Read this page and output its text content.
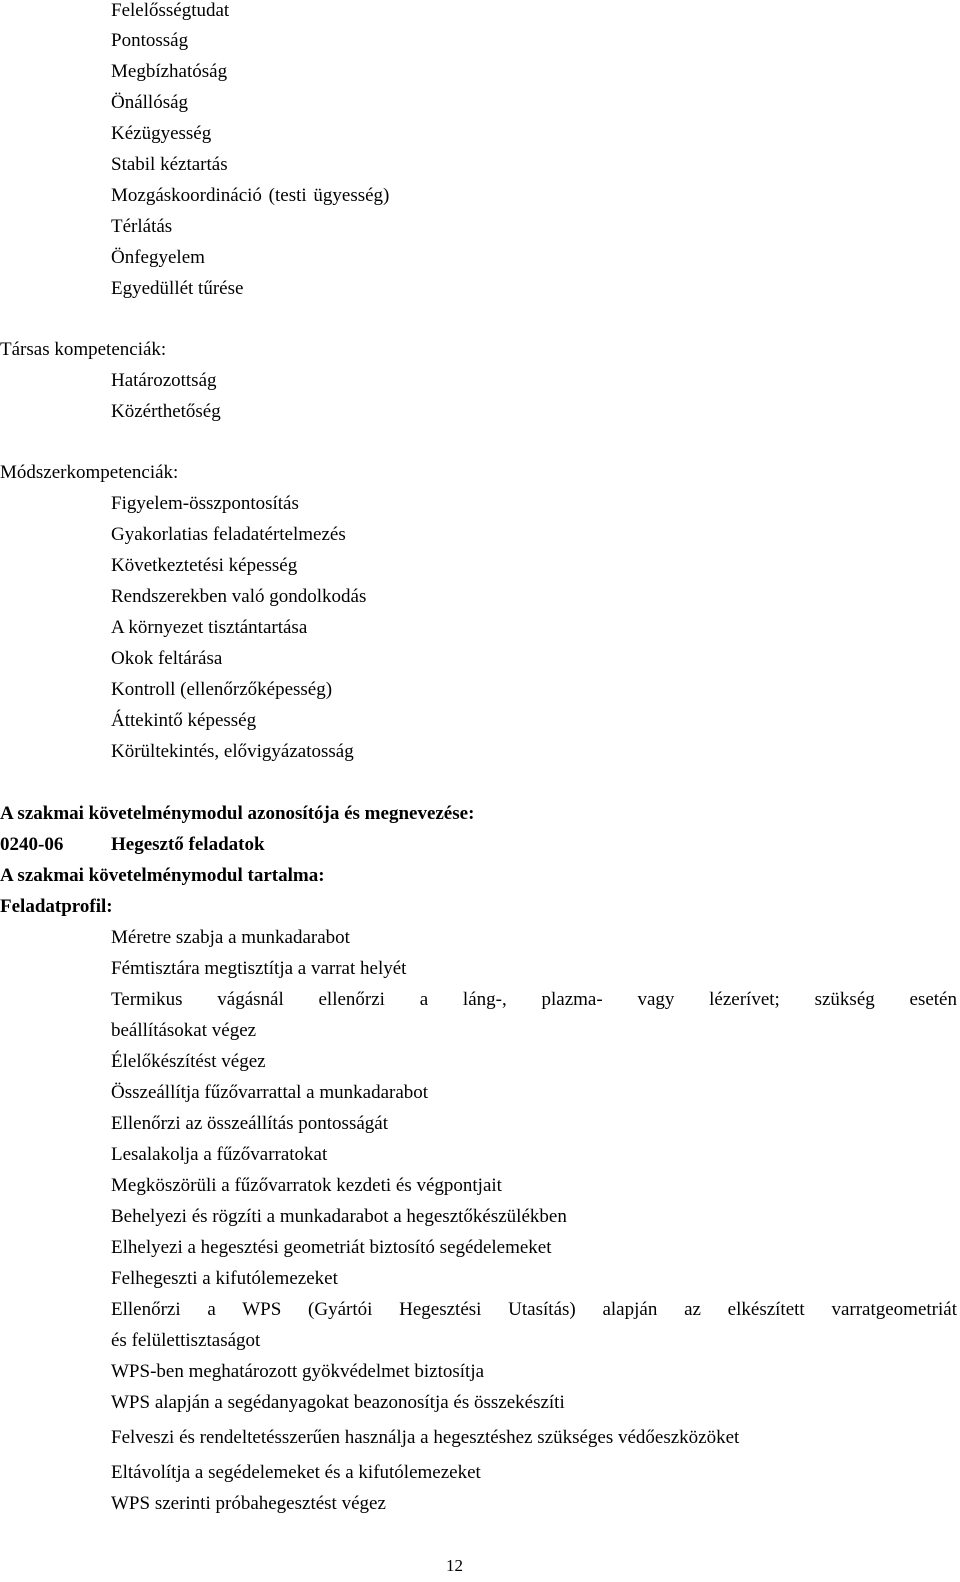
Felelősségtudat
Pontosság
Megbízhatóság
Önállóság
Kézügyesség
Stabil kéztartás
Mozgáskoordináció (testi ügyesség)
Térlátás
Önfegyelem
Egyedüllét tűrése
Társas kompetenciák:
Határozottság
Közérthetőség
Módszerkompetenciák:
Figyelem-összpontosítás
Gyakorlatias feladatértelmezés
Következtetési képesség
Rendszerekben való gondolkodás
A környezet tisztántartása
Okok feltárása
Kontroll (ellenőrzőképesség)
Áttekintő képesség
Körültekintés, elővigyázatosság
A szakmai követelménymodul azonosítója és megnevezése:
0240-06	Hegesztő feladatok
A szakmai követelménymodul tartalma:
Feladatprofil:
Méretre szabja a munkadarabot
Fémtisztára megtisztítja a varrat helyét
Termikus vágásnál ellenőrzi a láng-, plazma- vagy lézerívet; szükség esetén
beállításokat végez
Élelőkészítést végez
Összeállítja fűzővarrattal a munkadarabot
Ellenőrzi az összeállítás pontosságát
Lesalakolja a fűzővarratokat
Megköszörüli a fűzővarratok kezdeti és végpontjait
Behelyezi és rögzíti a munkadarabot a hegesztőkészülékben
Elhelyezi a hegesztési geometriát biztosító segédelemeket
Felhegeszti a kifutólemezeket
Ellenőrzi a WPS (Gyártói Hegesztési Utasítás) alapján az elkészített varratgeometriát
és felülettisztaságot
WPS-ben meghatározott gyökvédelmet biztosítja
WPS alapján a segédanyagokat beazonosítja és összekészíti
Felveszi és rendeltetésszerűen használja a hegesztéshez szükséges védőeszközöket
Eltávolítja a segédelemeket és a kifutólemezeket
WPS szerinti próbahegesztést végez
12
